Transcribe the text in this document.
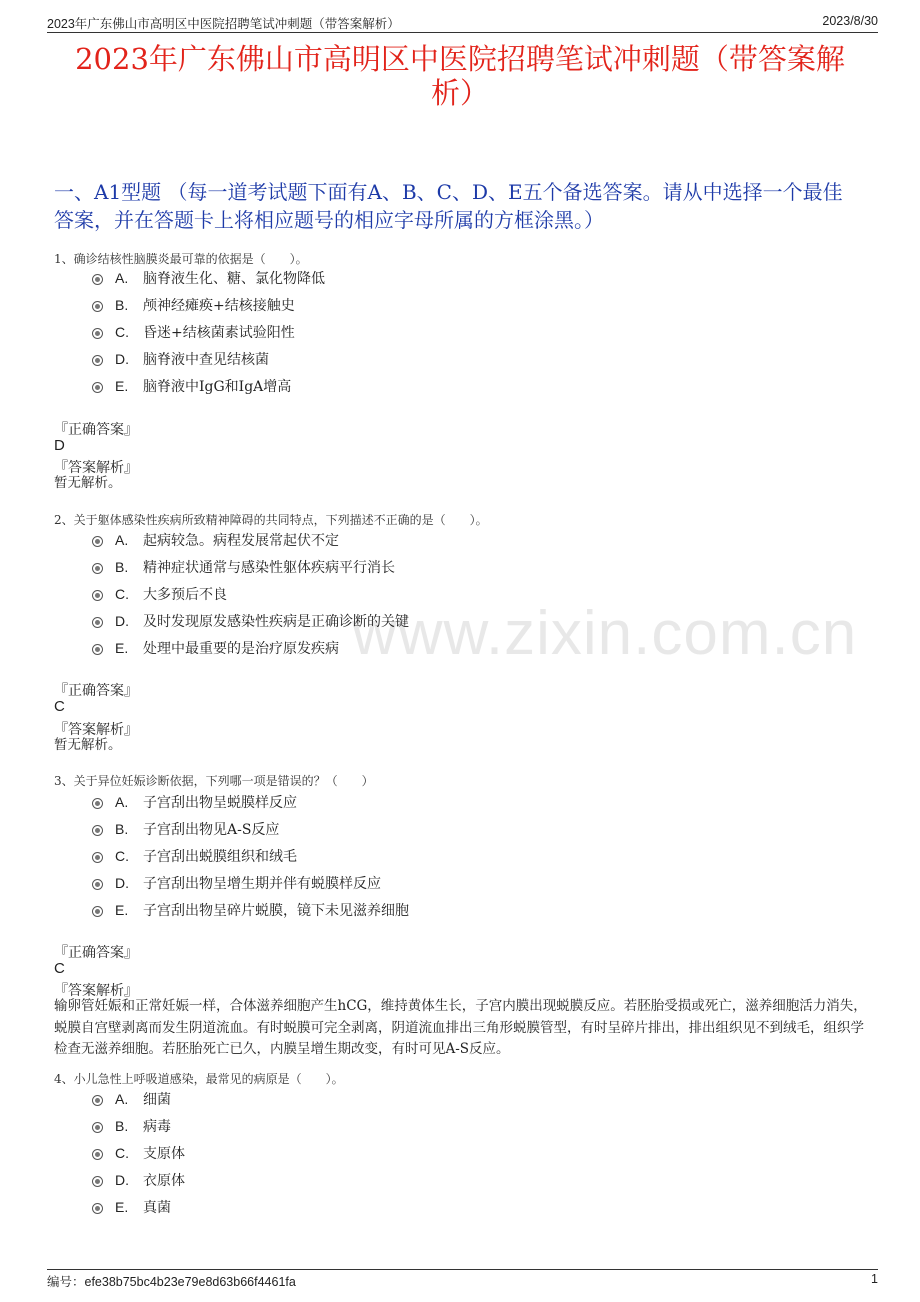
2023年广东佛山市高明区中医院招聘笔试冲刺题（带答案解析）	2023/8/30
2023年广东佛山市高明区中医院招聘笔试冲刺题（带答案解析）
一、A1型题 （每一道考试题下面有A、B、C、D、E五个备选答案。请从中选择一个最佳答案，并在答题卡上将相应题号的相应字母所属的方框涂黑。）
www.zixin.com.cn
1、确诊结核性脑膜炎最可靠的依据是（　　）。
A. 脑脊液生化、糖、氯化物降低
B. 颅神经瘫痪+结核接触史
C. 昏迷+结核菌素试验阳性
D. 脑脊液中查见结核菌
E. 脑脊液中IgG和IgA增高
『正确答案』
D
『答案解析』
暂无解析。
2、关于躯体感染性疾病所致精神障碍的共同特点，下列描述不正确的是（　　）。
A. 起病较急。病程发展常起伏不定
B. 精神症状通常与感染性躯体疾病平行消长
C. 大多预后不良
D. 及时发现原发感染性疾病是正确诊断的关键
E. 处理中最重要的是治疗原发疾病
『正确答案』
C
『答案解析』
暂无解析。
3、关于异位妊娠诊断依据，下列哪一项是错误的？（　　）
A. 子宫刮出物呈蜕膜样反应
B. 子宫刮出物见A-S反应
C. 子宫刮出蜕膜组织和绒毛
D. 子宫刮出物呈增生期并伴有蜕膜样反应
E. 子宫刮出物呈碎片蜕膜，镜下未见滋养细胞
『正确答案』
C
『答案解析』
输卵管妊娠和正常妊娠一样，合体滋养细胞产生hCG，维持黄体生长，子宫内膜出现蜕膜反应。若胚胎受损或死亡，滋养细胞活力消失，蜕膜自宫壁剥离而发生阴道流血。有时蜕膜可完全剥离，阴道流血排出三角形蜕膜管型，有时呈碎片排出，排出组织见不到绒毛，组织学检查无滋养细胞。若胚胎死亡已久，内膜呈增生期改变，有时可见A-S反应。
4、小儿急性上呼吸道感染，最常见的病原是（　　）。
A. 细菌
B. 病毒
C. 支原体
D. 衣原体
E. 真菌
编号：efe38b75bc4b23e79e8d63b66f4461fa	1
